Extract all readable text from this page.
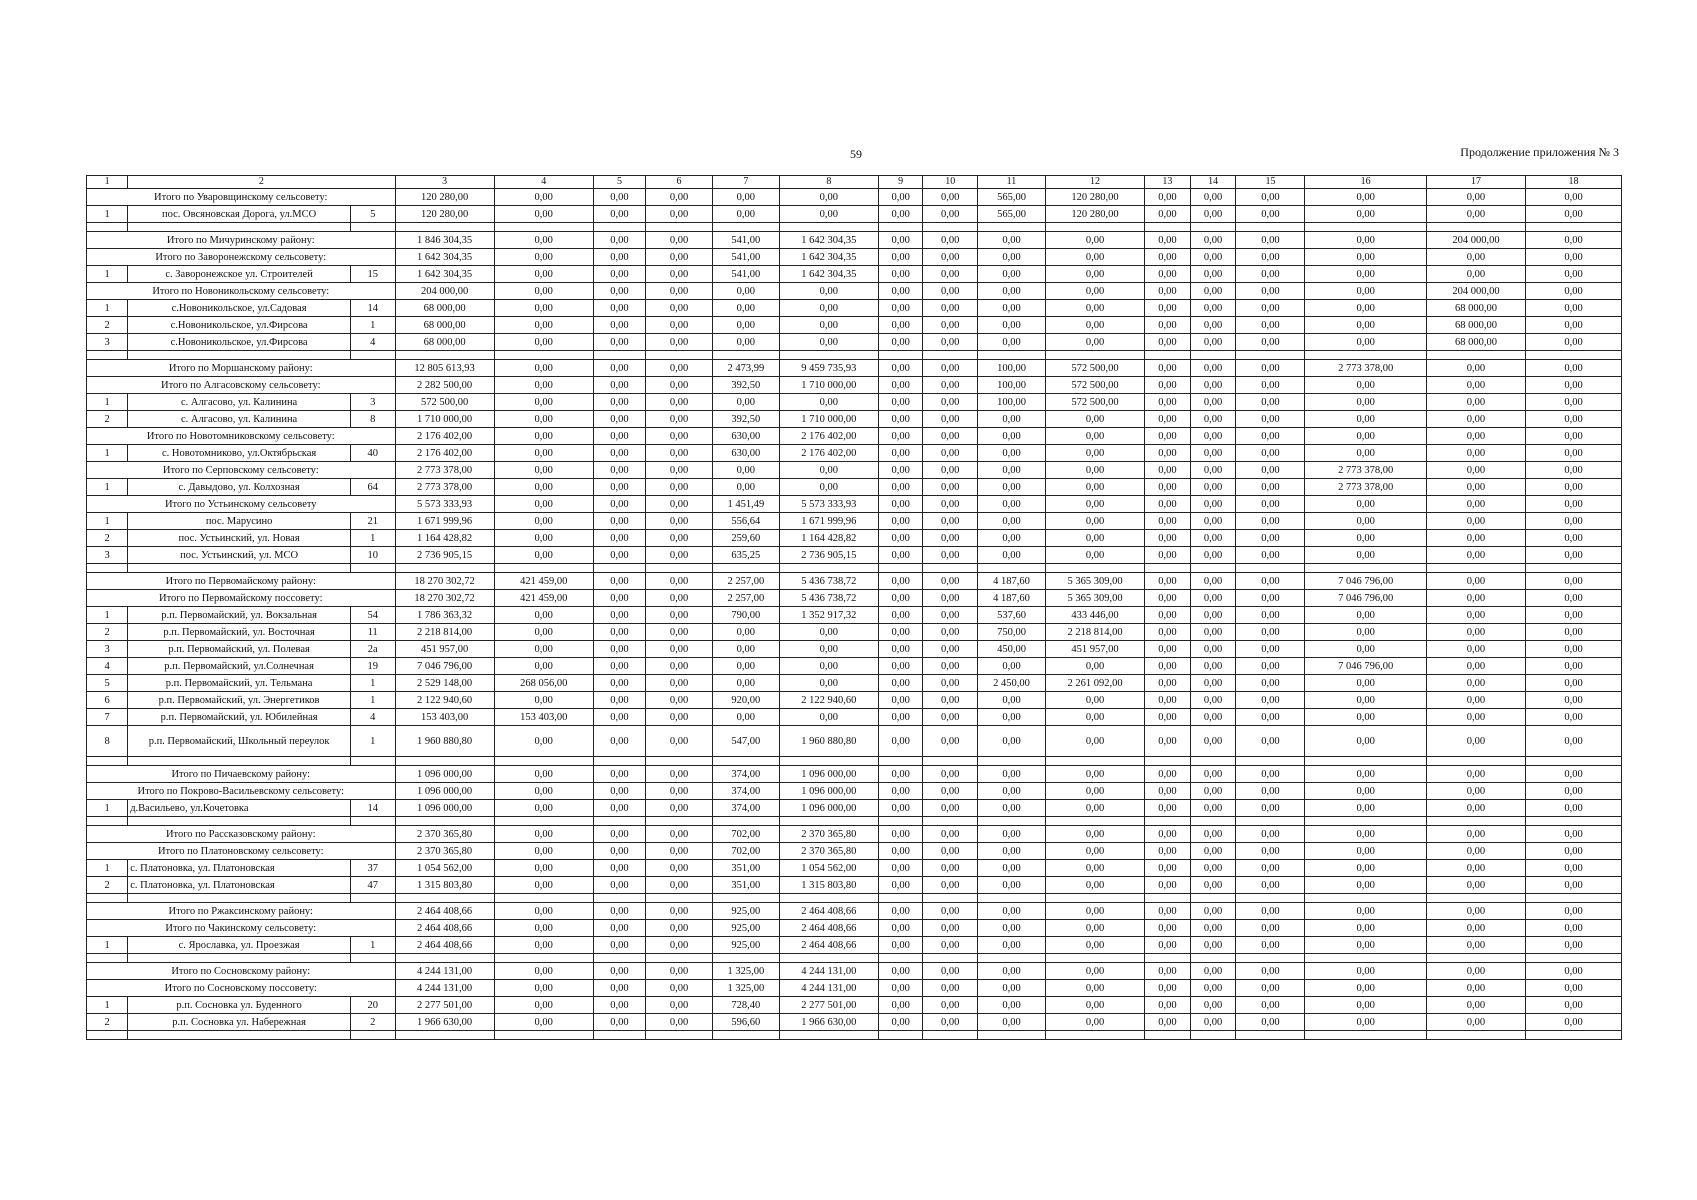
59	Продолжение приложения № 3
1	2		3	4	5	6	7	8	9	10	11	12	13	14	15	16	17	18
Итого по Уваровщинскому сельсовету:			120 280,00	0,00	0,00	0,00	0,00	0,00	0,00	0,00	565,00	120 280,00	0,00	0,00	0,00	0,00	0,00	0,00
1	пос. Овсяновская Дорога, ул.МСО	5	120 280,00	0,00	0,00	0,00	0,00	0,00	0,00	0,00	565,00	120 280,00	0,00	0,00	0,00	0,00	0,00	0,00

Итого по Мичуринскому району:			1 846 304,35	0,00	0,00	0,00	541,00	1 642 304,35	0,00	0,00	0,00	0,00	0,00	0,00	0,00	0,00	204 000,00	0,00
Итого по Заворонежскому сельсовету:			1 642 304,35	0,00	0,00	0,00	541,00	1 642 304,35	0,00	0,00	0,00	0,00	0,00	0,00	0,00	0,00	0,00	0,00
1	с. Заворонежское ул. Строителей	15	1 642 304,35	0,00	0,00	0,00	541,00	1 642 304,35	0,00	0,00	0,00	0,00	0,00	0,00	0,00	0,00	0,00	0,00
Итого по Новоникольскому сельсовету:			204 000,00	0,00	0,00	0,00	0,00	0,00	0,00	0,00	0,00	0,00	0,00	0,00	0,00	0,00	204 000,00	0,00
1	с.Новоникольское, ул.Садовая	14	68 000,00	0,00	0,00	0,00	0,00	0,00	0,00	0,00	0,00	0,00	0,00	0,00	0,00	0,00	68 000,00	0,00
2	с.Новоникольское, ул.Фирсова	1	68 000,00	0,00	0,00	0,00	0,00	0,00	0,00	0,00	0,00	0,00	0,00	0,00	0,00	0,00	68 000,00	0,00
3	с.Новоникольское, ул.Фирсова	4	68 000,00	0,00	0,00	0,00	0,00	0,00	0,00	0,00	0,00	0,00	0,00	0,00	0,00	0,00	68 000,00	0,00

Итого по Моршанскому району:			12 805 613,93	0,00	0,00	0,00	2 473,99	9 459 735,93	0,00	0,00	100,00	572 500,00	0,00	0,00	0,00	2 773 378,00	0,00	0,00
Итого по Алгасовскому сельсовету:			2 282 500,00	0,00	0,00	0,00	392,50	1 710 000,00	0,00	0,00	100,00	572 500,00	0,00	0,00	0,00	0,00	0,00	0,00
1	с. Алгасово, ул. Калинина	3	572 500,00	0,00	0,00	0,00	0,00	0,00	0,00	0,00	100,00	572 500,00	0,00	0,00	0,00	0,00	0,00	0,00
2	с. Алгасово, ул. Калинина	8	1 710 000,00	0,00	0,00	0,00	392,50	1 710 000,00	0,00	0,00	0,00	0,00	0,00	0,00	0,00	0,00	0,00	0,00
Итого по Новотомниковскому сельсовету:			2 176 402,00	0,00	0,00	0,00	630,00	2 176 402,00	0,00	0,00	0,00	0,00	0,00	0,00	0,00	0,00	0,00	0,00
1	с. Новотомниково, ул.Октябрьская	40	2 176 402,00	0,00	0,00	0,00	630,00	2 176 402,00	0,00	0,00	0,00	0,00	0,00	0,00	0,00	0,00	0,00	0,00
Итого по Серповскому сельсовету:			2 773 378,00	0,00	0,00	0,00	0,00	0,00	0,00	0,00	0,00	0,00	0,00	0,00	0,00	2 773 378,00	0,00	0,00
1	с. Давыдово, ул. Колхозная	64	2 773 378,00	0,00	0,00	0,00	0,00	0,00	0,00	0,00	0,00	0,00	0,00	0,00	0,00	2 773 378,00	0,00	0,00
Итого по Устьинскому сельсовету			5 573 333,93	0,00	0,00	0,00	1 451,49	5 573 333,93	0,00	0,00	0,00	0,00	0,00	0,00	0,00	0,00	0,00	0,00
1	пос. Марусино	21	1 671 999,96	0,00	0,00	0,00	556,64	1 671 999,96	0,00	0,00	0,00	0,00	0,00	0,00	0,00	0,00	0,00	0,00
2	пос. Устьинский, ул. Новая	1	1 164 428,82	0,00	0,00	0,00	259,60	1 164 428,82	0,00	0,00	0,00	0,00	0,00	0,00	0,00	0,00	0,00	0,00
3	пос. Устьинский, ул. МСО	10	2 736 905,15	0,00	0,00	0,00	635,25	2 736 905,15	0,00	0,00	0,00	0,00	0,00	0,00	0,00	0,00	0,00	0,00

Итого по Первомайскому району:			18 270 302,72	421 459,00	0,00	0,00	2 257,00	5 436 738,72	0,00	0,00	4 187,60	5 365 309,00	0,00	0,00	0,00	7 046 796,00	0,00	0,00
Итого по Первомайскому поссовету:			18 270 302,72	421 459,00	0,00	0,00	2 257,00	5 436 738,72	0,00	0,00	4 187,60	5 365 309,00	0,00	0,00	0,00	7 046 796,00	0,00	0,00
1	р.п. Первомайский, ул. Вокзальная	54	1 786 363,32	0,00	0,00	0,00	790,00	1 352 917,32	0,00	0,00	537,60	433 446,00	0,00	0,00	0,00	0,00	0,00	0,00
2	р.п. Первомайский, ул. Восточная	11	2 218 814,00	0,00	0,00	0,00	0,00	0,00	0,00	0,00	750,00	2 218 814,00	0,00	0,00	0,00	0,00	0,00	0,00
3	р.п. Первомайский, ул. Полевая	2а	451 957,00	0,00	0,00	0,00	0,00	0,00	0,00	0,00	450,00	451 957,00	0,00	0,00	0,00	0,00	0,00	0,00
4	р.п. Первомайский, ул.Солнечная	19	7 046 796,00	0,00	0,00	0,00	0,00	0,00	0,00	0,00	0,00	0,00	0,00	0,00	0,00	7 046 796,00	0,00	0,00
5	р.п. Первомайский, ул. Тельмана	1	2 529 148,00	268 056,00	0,00	0,00	0,00	0,00	0,00	0,00	2 450,00	2 261 092,00	0,00	0,00	0,00	0,00	0,00	0,00
6	р.п. Первомайский, ул. Энергетиков	1	2 122 940,60	0,00	0,00	0,00	920,00	2 122 940,60	0,00	0,00	0,00	0,00	0,00	0,00	0,00	0,00	0,00	0,00
7	р.п. Первомайский, ул. Юбилейная	4	153 403,00	153 403,00	0,00	0,00	0,00	0,00	0,00	0,00	0,00	0,00	0,00	0,00	0,00	0,00	0,00	0,00
8	р.п. Первомайский, Школьный переулок	1	1 960 880,80	0,00	0,00	0,00	547,00	1 960 880,80	0,00	0,00	0,00	0,00	0,00	0,00	0,00	0,00	0,00	0,00

Итого по Пичаевскому району:			1 096 000,00	0,00	0,00	0,00	374,00	1 096 000,00	0,00	0,00	0,00	0,00	0,00	0,00	0,00	0,00	0,00	0,00
Итого по Покрово-Васильевскому сельсовету:			1 096 000,00	0,00	0,00	0,00	374,00	1 096 000,00	0,00	0,00	0,00	0,00	0,00	0,00	0,00	0,00	0,00	0,00
1	д.Васильево, ул.Кочетовка	14	1 096 000,00	0,00	0,00	0,00	374,00	1 096 000,00	0,00	0,00	0,00	0,00	0,00	0,00	0,00	0,00	0,00	0,00

Итого по Рассказовскому району:			2 370 365,80	0,00	0,00	0,00	702,00	2 370 365,80	0,00	0,00	0,00	0,00	0,00	0,00	0,00	0,00	0,00	0,00
Итого по Платоновскому сельсовету:			2 370 365,80	0,00	0,00	0,00	702,00	2 370 365,80	0,00	0,00	0,00	0,00	0,00	0,00	0,00	0,00	0,00	0,00
1	с. Платоновка, ул. Платоновская	37	1 054 562,00	0,00	0,00	0,00	351,00	1 054 562,00	0,00	0,00	0,00	0,00	0,00	0,00	0,00	0,00	0,00	0,00
2	с. Платоновка, ул. Платоновская	47	1 315 803,80	0,00	0,00	0,00	351,00	1 315 803,80	0,00	0,00	0,00	0,00	0,00	0,00	0,00	0,00	0,00	0,00

Итого по Ржаксинскому району:			2 464 408,66	0,00	0,00	0,00	925,00	2 464 408,66	0,00	0,00	0,00	0,00	0,00	0,00	0,00	0,00	0,00	0,00
Итого по Чакинскому сельсовету:			2 464 408,66	0,00	0,00	0,00	925,00	2 464 408,66	0,00	0,00	0,00	0,00	0,00	0,00	0,00	0,00	0,00	0,00
1	с. Ярославка, ул. Проезжая	1	2 464 408,66	0,00	0,00	0,00	925,00	2 464 408,66	0,00	0,00	0,00	0,00	0,00	0,00	0,00	0,00	0,00	0,00

Итого по Сосновскому району:			4 244 131,00	0,00	0,00	0,00	1 325,00	4 244 131,00	0,00	0,00	0,00	0,00	0,00	0,00	0,00	0,00	0,00	0,00
Итого по Сосновскому поссовету:			4 244 131,00	0,00	0,00	0,00	1 325,00	4 244 131,00	0,00	0,00	0,00	0,00	0,00	0,00	0,00	0,00	0,00	0,00
1	р.п. Сосновка ул. Буденного	20	2 277 501,00	0,00	0,00	0,00	728,40	2 277 501,00	0,00	0,00	0,00	0,00	0,00	0,00	0,00	0,00	0,00	0,00
2	р.п. Сосновка ул. Набережная	2	1 966 630,00	0,00	0,00	0,00	596,60	1 966 630,00	0,00	0,00	0,00	0,00	0,00	0,00	0,00	0,00	0,00	0,00
